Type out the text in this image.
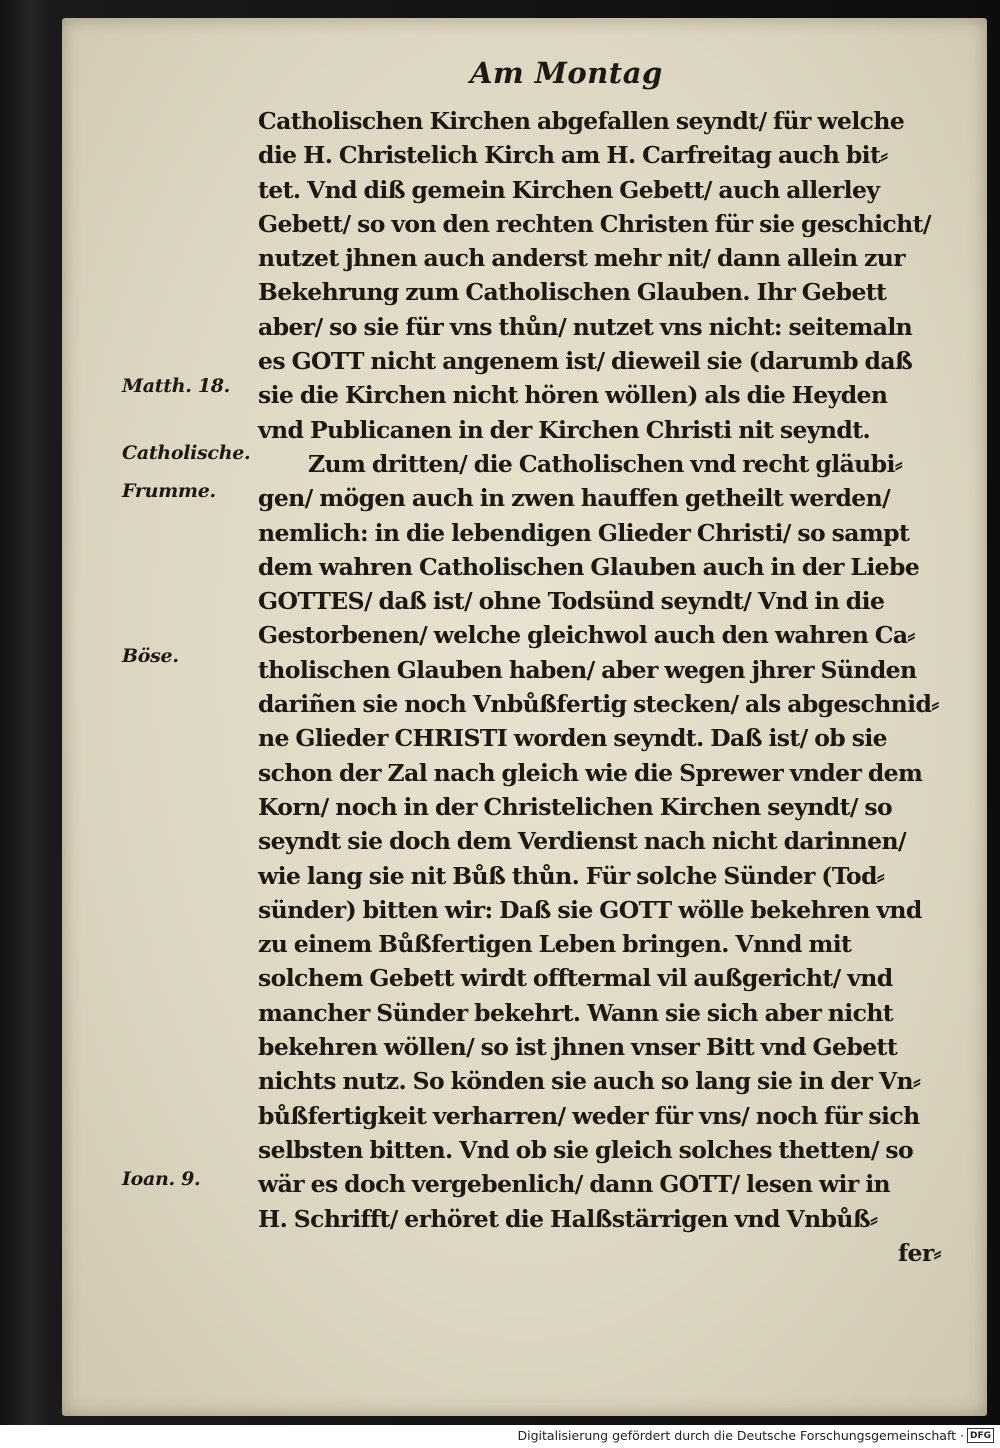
Am Montag
Catholischen Kirchen abgefallen seyndt/ für welche
die H. Christelich Kirch am H. Carfreitag auch bit⸗
tet. Vnd diß gemein Kirchen Gebett/ auch allerley
Gebett/ so von den rechten Christen für sie geschicht/
nutzet jhnen auch anderst mehr nit/ dann allein zur
Bekehrung zum Catholischen Glauben. Ihr Gebett
aber/ so sie für vns thůn/ nutzet vns nicht: seitemaln
es GOTT nicht angenem ist/ dieweil sie (darumb daß
sie die Kirchen nicht hören wöllen) als die Heyden
vnd Publicanen in der Kirchen Christi nit seyndt.
Zum dritten/ die Catholischen vnd recht gläubi⸗
gen/ mögen auch in zwen hauffen getheilt werden/
nemlich: in die lebendigen Glieder Christi/ so sampt
dem wahren Catholischen Glauben auch in der Liebe
GOTTES/ daß ist/ ohne Todsünd seyndt/ Vnd in die
Gestorbenen/ welche gleichwol auch den wahren Ca⸗
tholischen Glauben haben/ aber wegen jhrer Sünden
dariñen sie noch Vnbůßfertig stecken/ als abgeschnid⸗
ne Glieder CHRISTI worden seyndt. Daß ist/ ob sie
schon der Zal nach gleich wie die Sprewer vnder dem
Korn/ noch in der Christelichen Kirchen seyndt/ so
seyndt sie doch dem Verdienst nach nicht darinnen/
wie lang sie nit Bůß thůn. Für solche Sünder (Tod⸗
sünder) bitten wir: Daß sie GOTT wölle bekehren vnd
zu einem Bůßfertigen Leben bringen. Vnnd mit
solchem Gebett wirdt offtermal vil außgericht/ vnd
mancher Sünder bekehrt. Wann sie sich aber nicht
bekehren wöllen/ so ist jhnen vnser Bitt vnd Gebett
nichts nutz. So könden sie auch so lang sie in der Vn⸗
bůßfertigkeit verharren/ weder für vns/ noch für sich
selbsten bitten. Vnd ob sie gleich solches thetten/ so
wär es doch vergebenlich/ dann GOTT/ lesen wir in
H. Schrifft/ erhöret die Halßstärrigen vnd Vnbůß⸗
fer⸗
Matth. 18.
Catholische.
Frumme.
Böse.
Ioan. 9.
Digitalisierung gefördert durch die Deutsche Forschungsgemeinschaft · DFG
